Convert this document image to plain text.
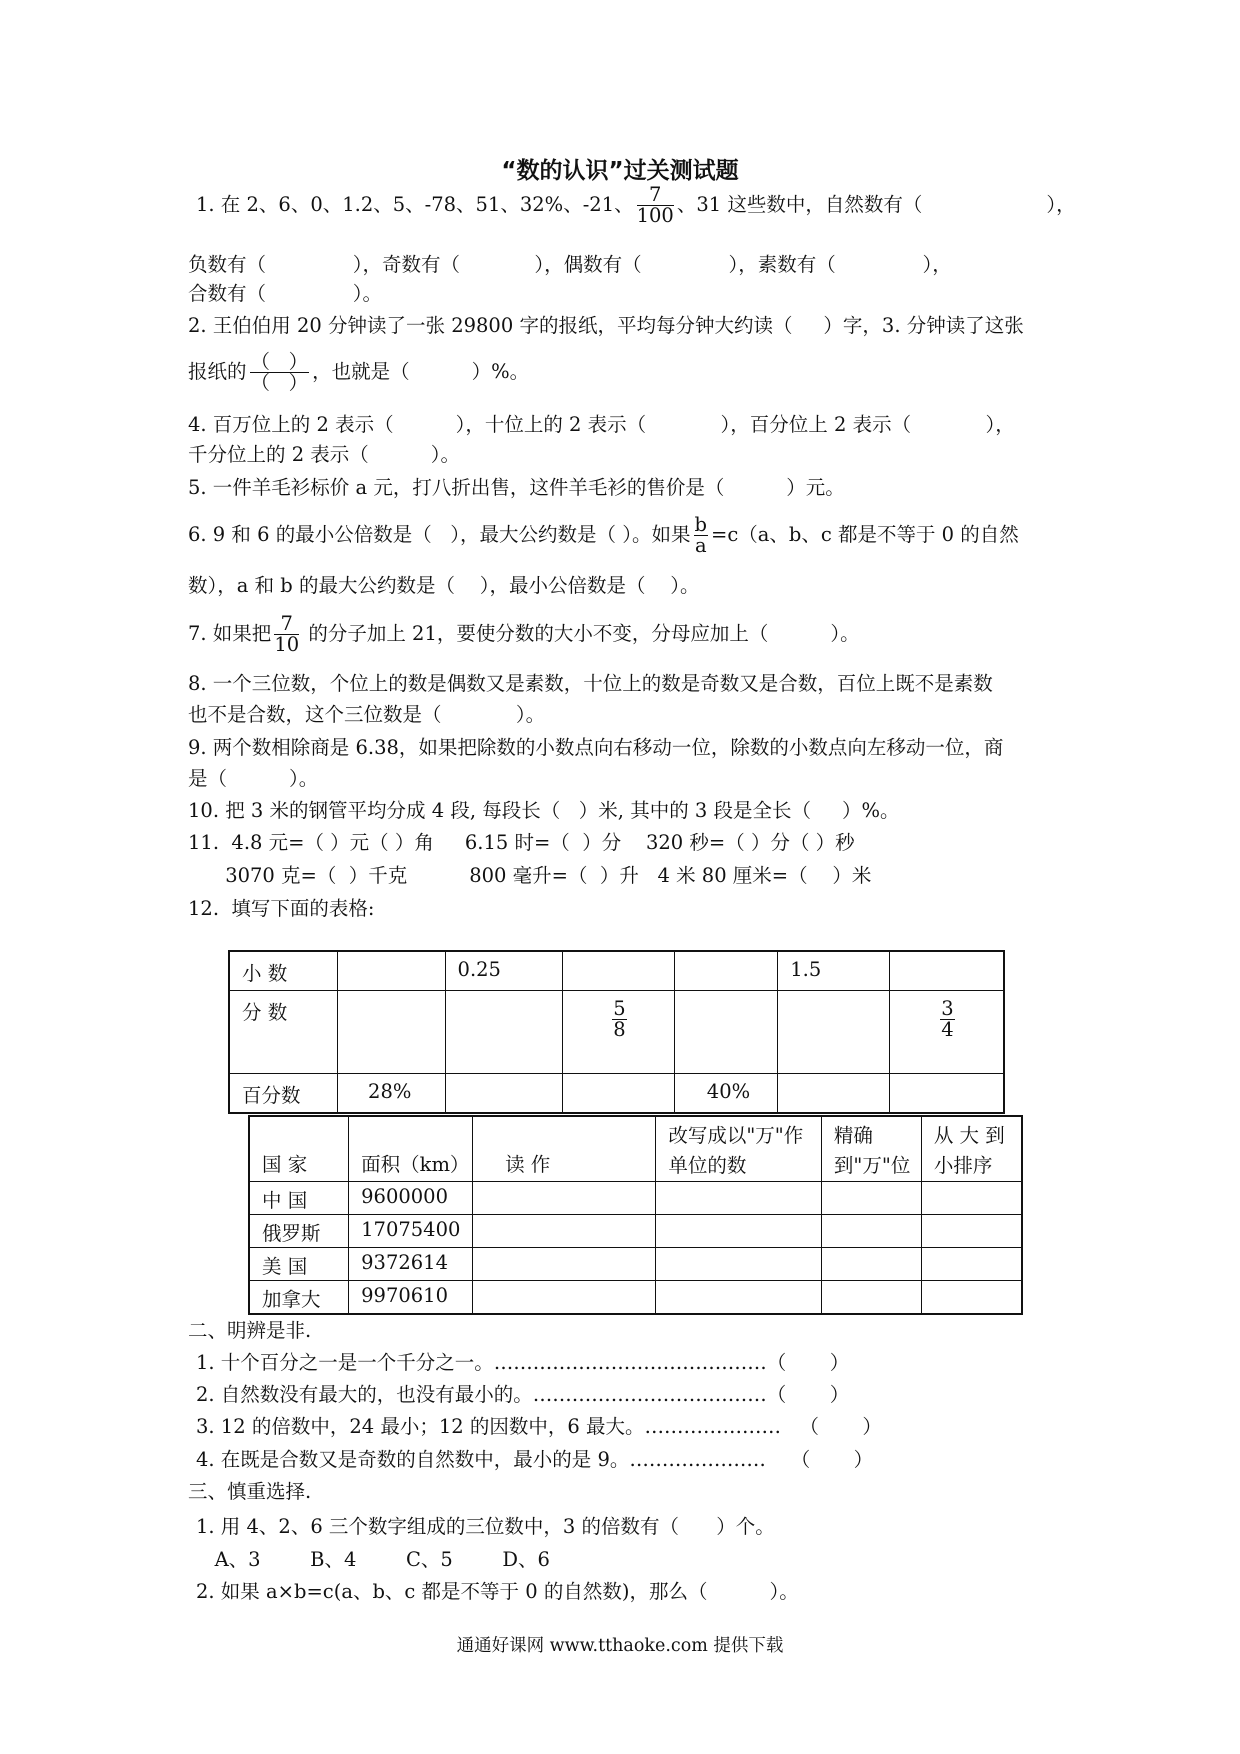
“数的认识”过关测试题
1. 在 2、6、0、1.2、5、-78、51、32%、-21、 $\frac{7}{100}$ 、31 这些数中，自然数有（                    ），
负数有（              ），奇数有（            ），偶数有（              ），素数有（              ），
合数有（              ）。
2. 王伯伯用 20 分钟读了一张 29800 字的报纸，平均每分钟大约读（     ）字，3. 分钟读了这张
报纸的 （   ）
（   ） ，也就是（          ）%。
4. 百万位上的 2 表示（          ），十位上的 2 表示（            ），百分位上 2 表示（            ），
千分位上的 2 表示（          ）。
5. 一件羊毛衫标价 a 元，打八折出售，这件羊毛衫的售价是（          ）元。
6. 9 和 6 的最小公倍数是（   ），最大公约数是（ ）。如果 $\frac{b}{a} =c(a$、b、c 都是不等于 0 的自然
数），a 和 b 的最大公约数是（    ），最小公倍数是（    ）。
7. 如果把 $\frac{7}{10}$ 的分子加上 21，要使分数的大小不变，分母应加上（          ）。
8. 一个三位数，个位上的数是偶数又是素数，十位上的数是奇数又是合数，百位上既不是素数
也不是合数，这个三位数是（            ）。
9. 两个数相除商是 6.38，如果把除数的小数点向右移动一位，除数的小数点向左移动一位，商
是（          ）。
10. 把 3 米的钢管平均分成 4 段, 每段长（   ）米, 其中的 3 段是全长（     ）%。
11.  4.8 元=（ ）元（ ）角     6.15 时=（  ）分    320 秒=（ ）分（ ）秒
3070 克=（  ）千克          800 毫升=（  ）升   4 米 80 厘米=（    ）米
12.  填写下面的表格:
小 数		0.25			1.5	
分 数			$\frac{5}{8}$			$\frac{3}{4}$

百分数	28%			40%		
国 家	面积（km）	读 作	改写成以"万"作单位的数	精确到"万"位	从 大 到 小排序
中 国	9600000				
俄罗斯	17075400				
美 国	9372614				
加拿大	9970610				
二、明辨是非.
1. 十个百分之一是一个千分之一。……………………………………（       ）
2. 自然数没有最大的，也没有最小的。………………………………（       ）
3. 12 的倍数中，24 最小；12 的因数中，6 最大。…………………   （       ）
4. 在既是合数又是奇数的自然数中，最小的是 9。…………………    （       ）
三、慎重选择.
1. 用 4、2、6 三个数字组成的三位数中，3 的倍数有（      ）个。
A、3        B、4        C、5        D、6
2. 如果 a×b=c(a、b、c 都是不等于 0 的自然数)，那么（          ）。
通通好课网 www.tthaoke.com 提供下载
